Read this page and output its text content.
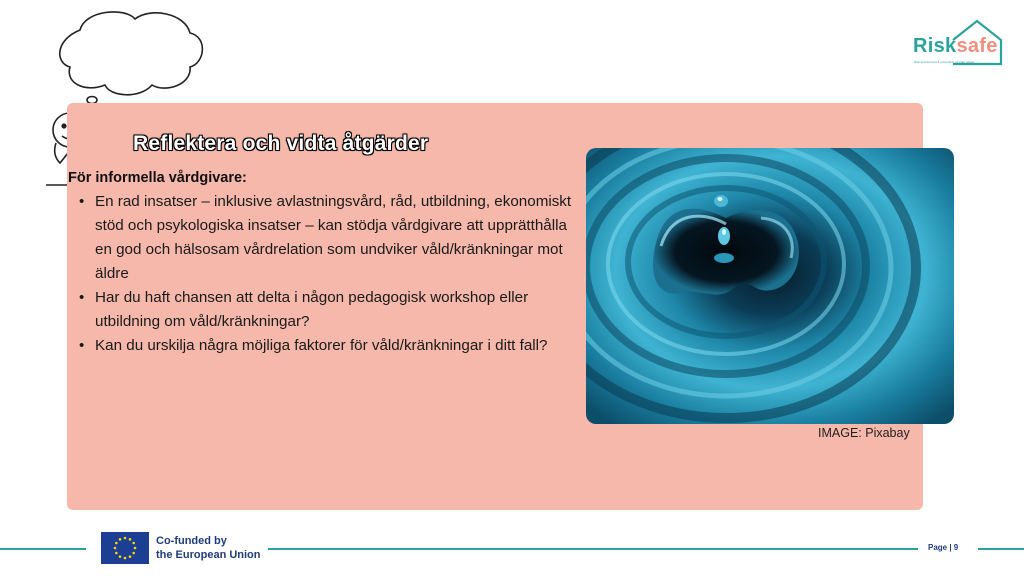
Risksafe
Risk assessment & prevention of elder abuse
Reflektera och vidta åtgärder
För informella vårdgivare:
• En rad insatser – inklusive avlastningsvård, råd, utbildning, ekonomiskt stöd och psykologiska insatser – kan stödja vårdgivare att upprätthålla en god och hälsosam vårdrelation som undviker våld/kränkningar mot äldre
• Har du haft chansen att delta i någon pedagogisk workshop eller utbildning om våld/kränkningar?
• Kan du urskilja några möjliga faktorer för våld/kränkningar i ditt fall?
IMAGE: Pixabay
Co-funded by
the European Union
Page | 9
